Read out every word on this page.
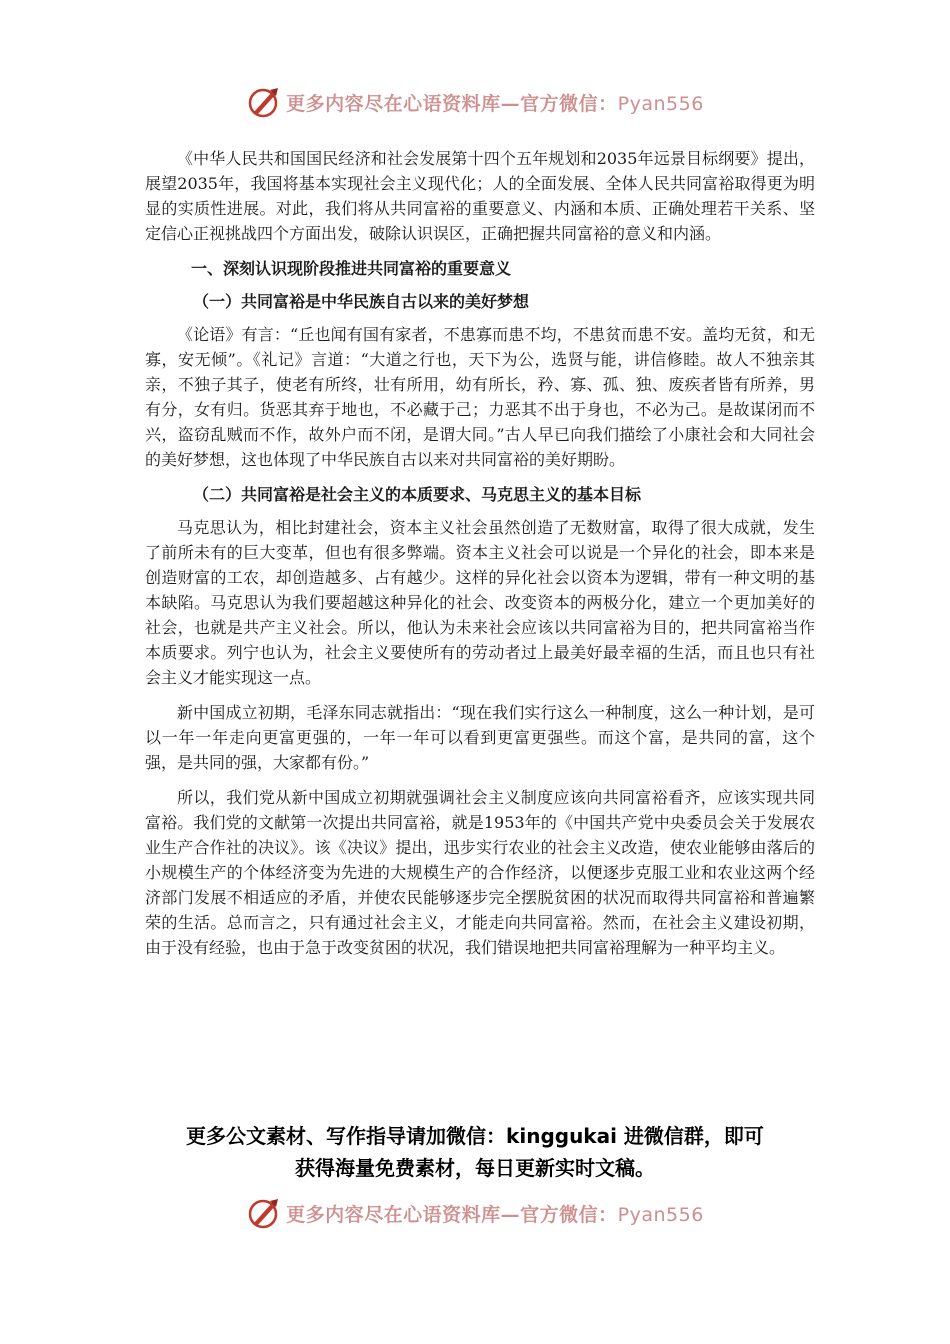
更多内容尽在心语资料库—官方微信：Pyan556

《中华人民共和国国民经济和社会发展第十四个五年规划和2035年远景目标纲要》提出，展望2035年，我国将基本实现社会主义现代化；人的全面发展、全体人民共同富裕取得更为明显的实质性进展。对此，我们将从共同富裕的重要意义、内涵和本质、正确处理若干关系、坚定信心正视挑战四个方面出发，破除认识误区，正确把握共同富裕的意义和内涵。

一、深刻认识现阶段推进共同富裕的重要意义
（一）共同富裕是中华民族自古以来的美好梦想

《论语》有言：“丘也闻有国有家者，不患寡而患不均，不患贫而患不安。盖均无贫，和无寡，安无倾”。《礼记》言道：“大道之行也，天下为公，选贤与能，讲信修睦。故人不独亲其亲，不独子其子，使老有所终，壮有所用，幼有所长，矜、寡、孤、独、废疾者皆有所养，男有分，女有归。货恶其弃于地也，不必藏于己；力恶其不出于身也，不必为己。是故谋闭而不兴，盗窃乱贼而不作，故外户而不闭，是谓大同。”古人早已向我们描绘了小康社会和大同社会的美好梦想，这也体现了中华民族自古以来对共同富裕的美好期盼。

（二）共同富裕是社会主义的本质要求、马克思主义的基本目标

马克思认为，相比封建社会，资本主义社会虽然创造了无数财富，取得了很大成就，发生了前所未有的巨大变革，但也有很多弊端。资本主义社会可以说是一个异化的社会，即本来是创造财富的工农，却创造越多、占有越少。这样的异化社会以资本为逻辑，带有一种文明的基本缺陷。马克思认为我们要超越这种异化的社会、改变资本的两极分化，建立一个更加美好的社会，也就是共产主义社会。所以，他认为未来社会应该以共同富裕为目的，把共同富裕当作本质要求。列宁也认为，社会主义要使所有的劳动者过上最美好最幸福的生活，而且也只有社会主义才能实现这一点。

新中国成立初期，毛泽东同志就指出：“现在我们实行这么一种制度，这么一种计划，是可以一年一年走向更富更强的，一年一年可以看到更富更强些。而这个富，是共同的富，这个强，是共同的强，大家都有份。”

所以，我们党从新中国成立初期就强调社会主义制度应该向共同富裕看齐，应该实现共同富裕。我们党的文献第一次提出共同富裕，就是1953年的《中国共产党中央委员会关于发展农业生产合作社的决议》。该《决议》提出，迅步实行农业的社会主义改造，使农业能够由落后的小规模生产的个体经济变为先进的大规模生产的合作经济，以便逐步克服工业和农业这两个经济部门发展不相适应的矛盾，并使农民能够逐步完全摆脱贫困的状况而取得共同富裕和普遍繁荣的生活。总而言之，只有通过社会主义，才能走向共同富裕。然而，在社会主义建设初期，由于没有经验，也由于急于改变贫困的状况，我们错误地把共同富裕理解为一种平均主义。

更多公文素材、写作指导请加微信：kinggukai 进微信群，即可
获得海量免费素材，每日更新实时文稿。
更多内容尽在心语资料库—官方微信：Pyan556
